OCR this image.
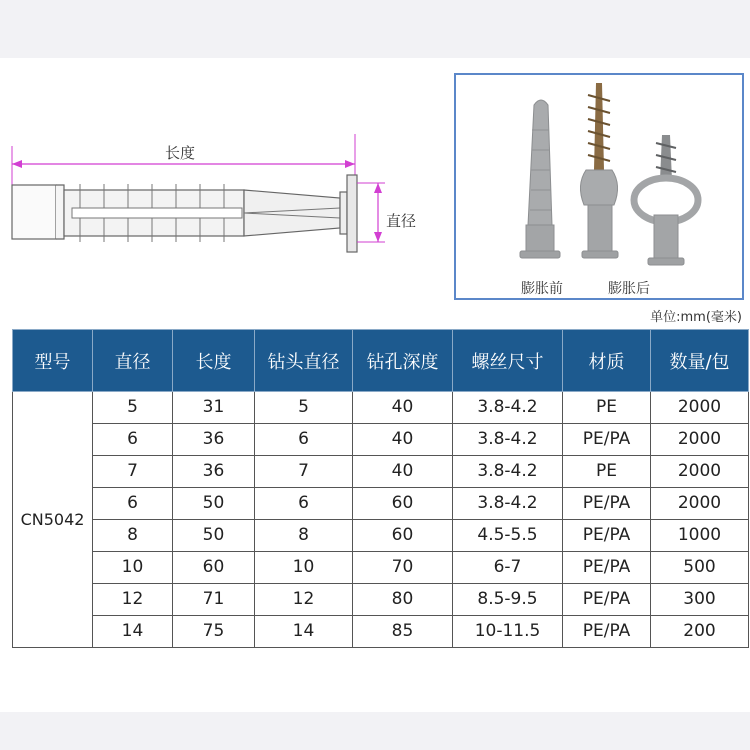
长度
直径
膨胀前	膨胀后
单位:mm(毫米)
型号	直径	长度	钻头直径	钻孔深度	螺丝尺寸	材质	数量/包
CN5042	5	31	5	40	3.8-4.2	PE	2000
	6	36	6	40	3.8-4.2	PE/PA	2000
	7	36	7	40	3.8-4.2	PE	2000
	6	50	6	60	3.8-4.2	PE/PA	2000
	8	50	8	60	4.5-5.5	PE/PA	1000
	10	60	10	70	6-7	PE/PA	500
	12	71	12	80	8.5-9.5	PE/PA	300
	14	75	14	85	10-11.5	PE/PA	200
